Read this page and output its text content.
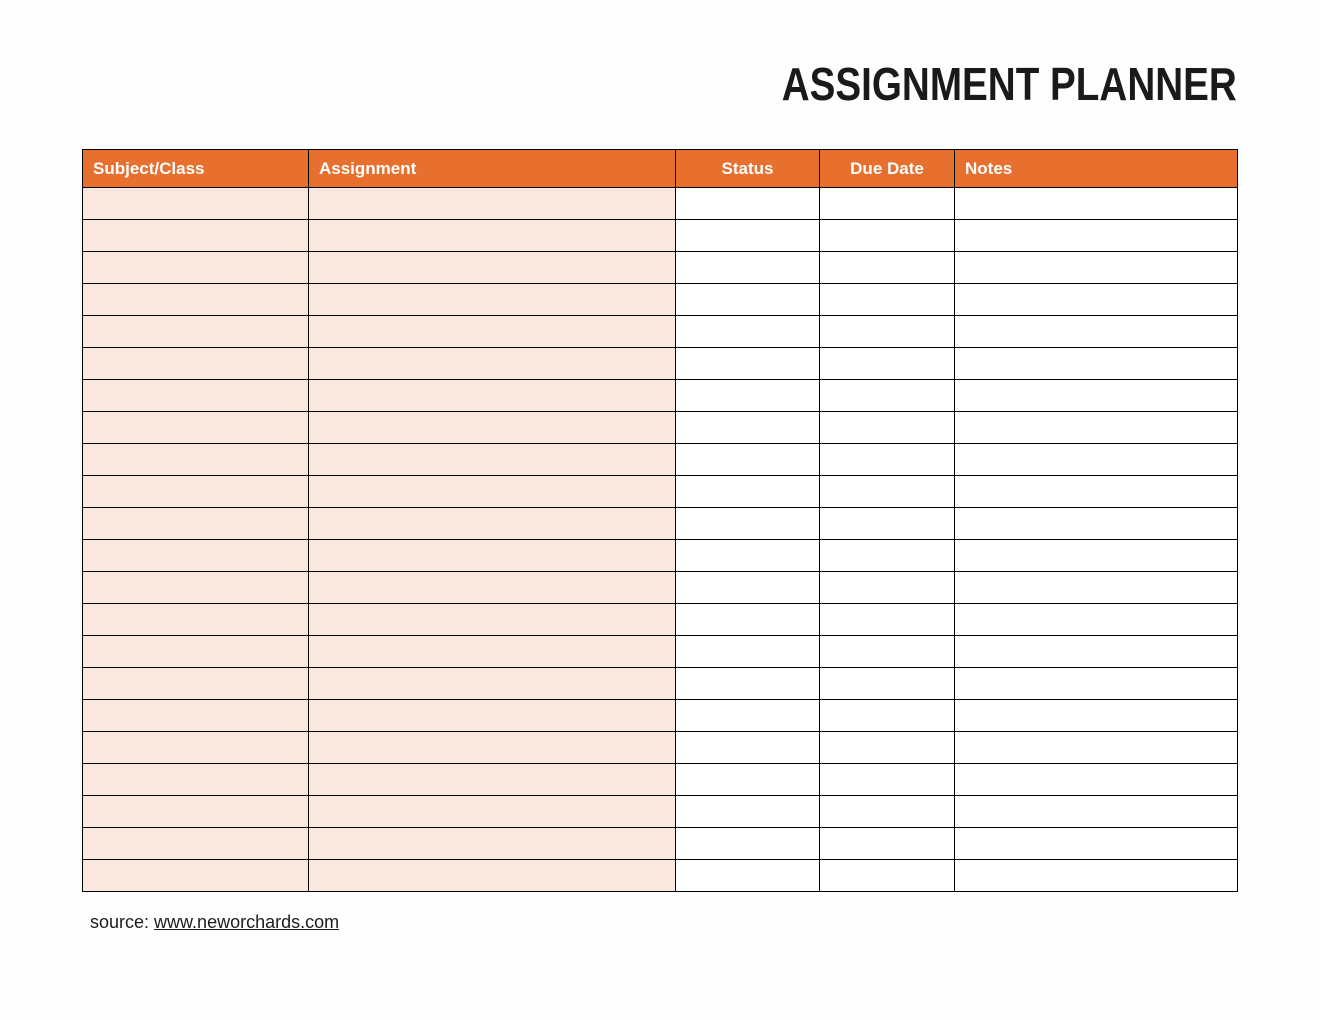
ASSIGNMENT PLANNER
Subject/Class	Assignment	Status	Due Date	Notes

source: www.neworchards.com
